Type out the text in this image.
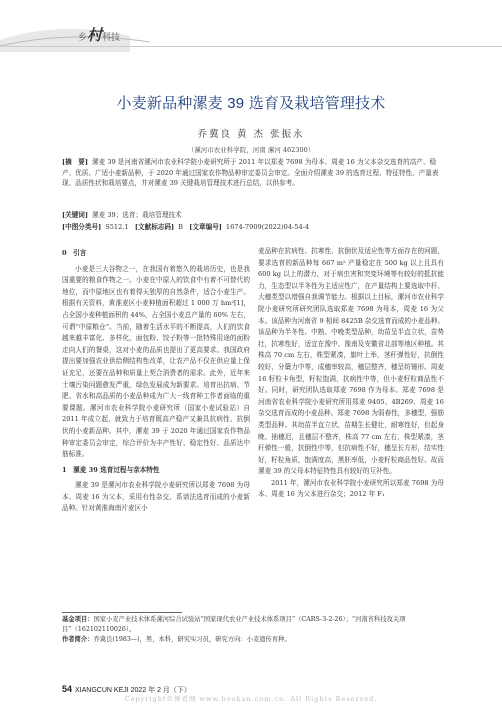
乡村科技
小麦新品种漯麦 39 选育及栽培管理技术
乔冀良 黄 杰 张振永
（漯河市农业科学院，河南 漯河 462300）
[摘　要] 漯麦 39 是河南省漯河市农业科学院小麦研究所于 2011 年以郑麦 7698 为母本、周麦 16 为父本杂交选育的高产、稳产、优质、广适小麦新品种，于 2020 年通过国家农作物品种审定委员会审定。全面介绍漯麦 39 的选育过程、特征特性、产量表现、品质性状和栽培要点，并对漯麦 39 关键栽培管理技术进行总结，以供参考。
[关键词] 漯麦 39；选育；栽培管理技术
[中图分类号] S512.1 [文献标志码] B [文章编号] 1674-7909(2022)04-54-4
0　引言

小麦是三大谷物之一，在我国有着悠久的栽培历史，也是我国重要的粮食作物之一。小麦在中原人的饮食中有着不可替代的地位，而中原地区也有着得天独厚的自然条件，适合小麦生产。根据有关资料，黄淮麦区小麦种植面积超过 1 000 万 hm²[1]，占全国小麦种植面积的 44%，占全国小麦总产量的 60% 左右，可谓“中原粮仓”。当前，随着生活水平的不断提高，人们的饮食越来越丰富化、多样化，面包粉、饺子粉等一批特殊用途的面粉走向人们的餐桌，这对小麦的品质也提出了更高要求。我国政府提出要加强农业供给侧结构性改革，让农产品不仅在供应量上保证充足，还要在品种和质量上契合消费者的需求。此外，近年来土壤污染问题愈发严重，绿色发展成为新要求。培育出抗病、节肥、省水和高品质的小麦品种成为广大一线育种工作者面临的重要课题。漯河市农业科学院小麦研究所（国家小麦试验站）自 2011 年成立起，就致力于培育既高产稳产又兼具抗病性、抗倒伏的小麦新品种。其中，漯麦 39 于 2020 年通过国家农作物品种审定委员会审定，综合评价为丰产性好、稳定性好、品质达中筋标准。

1　漯麦 39 选育过程与亲本特性

漯麦 39 是漯河市农业科学院小麦研究所以郑麦 7698 为母本、周麦 16 为父本，采用有性杂交、系谱法选育而成的小麦新品种。针对黄淮海南片麦区小

麦品种在抗病性、抗寒性、抗倒伏及适应性等方面存在的问题，要求选育的新品种每 667 m² 产量稳定在 500 kg 以上且具有 600 kg 以上的潜力，对于病虫害和突变环境等有较好的抵抗能力，生态型以半冬性为主适应性广，在产量结构上要选取中秆、大穗类型以增强自我调节能力。根据以上目标，漯河市农业科学院小麦研究所研究团队选取郑麦 7698 为母本，周麦 16 为父本。该品种为河南省 9 相间 8425B 杂交选育而成的小麦品种。该品种为半冬性、中熟、中晚类型品种，幼苗呈半直立状，苗势壮，抗寒性好，适宜在豫中、豫南及安徽省北部等地区种植。其株高 70 cm 左右，株型紧凑，旗叶上举，茎秆弹性好，抗倒性较好，分蘖力中等，成穗率较高，穗层整齐，穗呈纺锤形。周麦 16 籽粒卡角型，籽粒饱满，抗病性中等，但小麦籽粒商品性不好。同时，研究团队选取郑麦 7698 作为母本。郑麦 7698 是河南省农业科学院小麦研究所用郑麦 9405、4B269、周麦 16 杂交选育而成的小麦品种。郑麦 7698 为弱春性，多穗型，强筋类型品种。其幼苗半直立状，苗期生长健壮，耐寒性好，但起身晚、抽穗迟，且穗层不整齐，株高 77 cm 左右，株型紧凑，茎秆弹性一般，抗倒性中等，但抗病性不好，穗呈长方形，结实性好，籽粒角质，饱满度高，黑胚率低，小麦籽粒商品性好。故而漯麦 39 的父母本特征特性具有较好的互补性。

2011 年，漯河市农业科学院小麦研究所以郑麦 7698 为母本、周麦 16 为父本进行杂交；2012 年 F₁

基金项目：国家小麦产业技术体系漯河综合试验站“国家现代农业产业技术体系项目”（CARS-3-2-26）；“河南省科技攻关项目”（162102110026）。
作者简介：乔冀良(1983—)，男，本科，研究实习员，研究方向：小麦遗传育种。
54 XIANGCUN KEJI 2022 年 2 月（下）
Copyright©博看网 www.bookan.com.cn. All Rights Reserved.
